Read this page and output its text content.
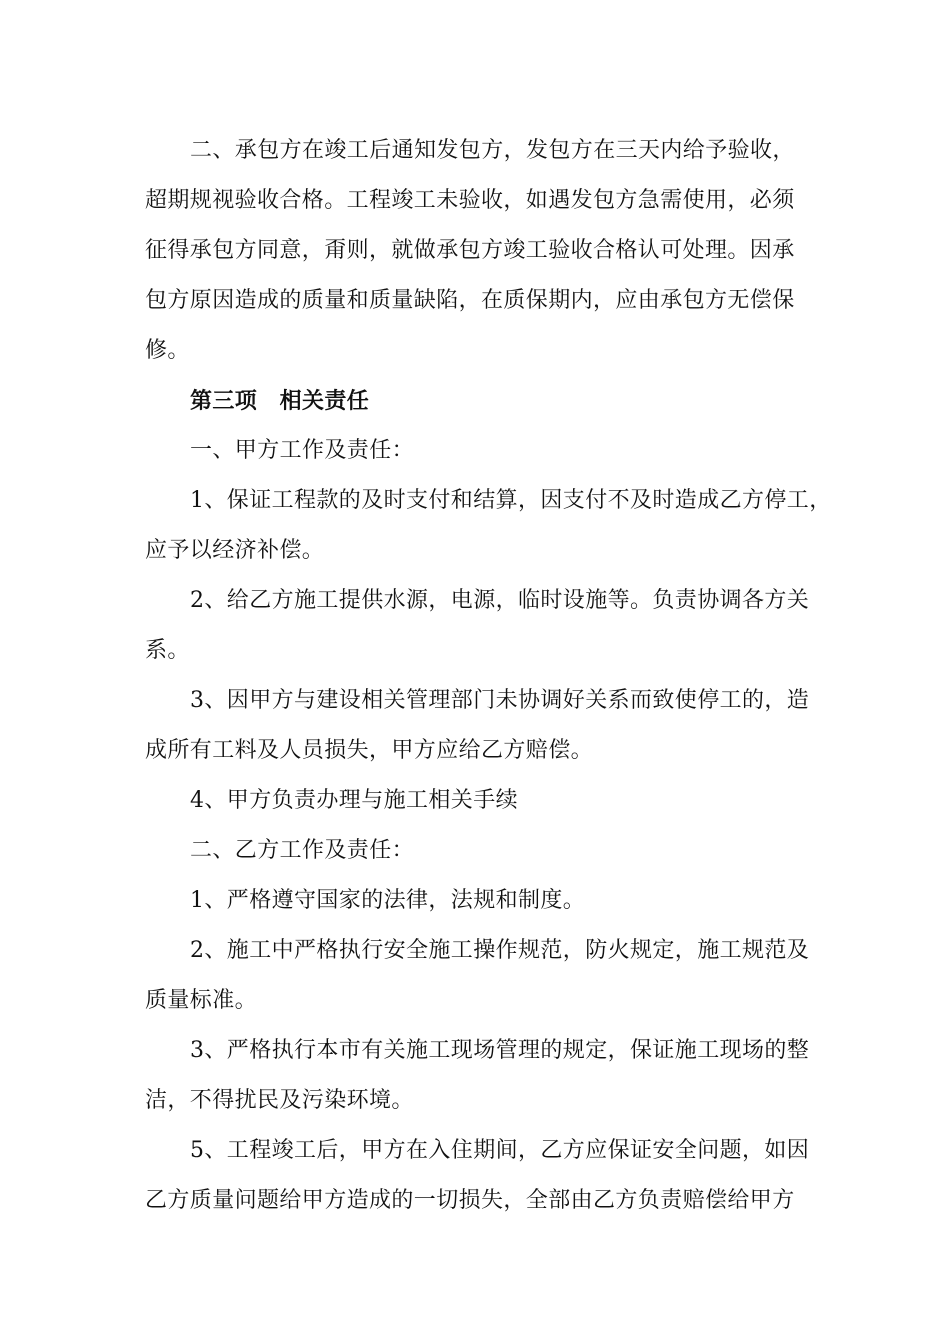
二、承包方在竣工后通知发包方，发包方在三天内给予验收，
超期规视验收合格。工程竣工未验收，如遇发包方急需使用，必须
征得承包方同意，甭则，就做承包方竣工验收合格认可处理。因承
包方原因造成的质量和质量缺陷，在质保期内，应由承包方无偿保
修。
第三项　相关责任
一、甲方工作及责任：
1、保证工程款的及时支付和结算，因支付不及时造成乙方停工，
应予以经济补偿。
2、给乙方施工提供水源，电源，临时设施等。负责协调各方关
系。
3、因甲方与建设相关管理部门未协调好关系而致使停工的，造
成所有工料及人员损失，甲方应给乙方赔偿。
4、甲方负责办理与施工相关手续
二、乙方工作及责任：
1、严格遵守国家的法律，法规和制度。
2、施工中严格执行安全施工操作规范，防火规定，施工规范及
质量标准。
3、严格执行本市有关施工现场管理的规定，保证施工现场的整
洁，不得扰民及污染环境。
5、工程竣工后，甲方在入住期间，乙方应保证安全问题，如因
乙方质量问题给甲方造成的一切损失，全部由乙方负责赔偿给甲方
